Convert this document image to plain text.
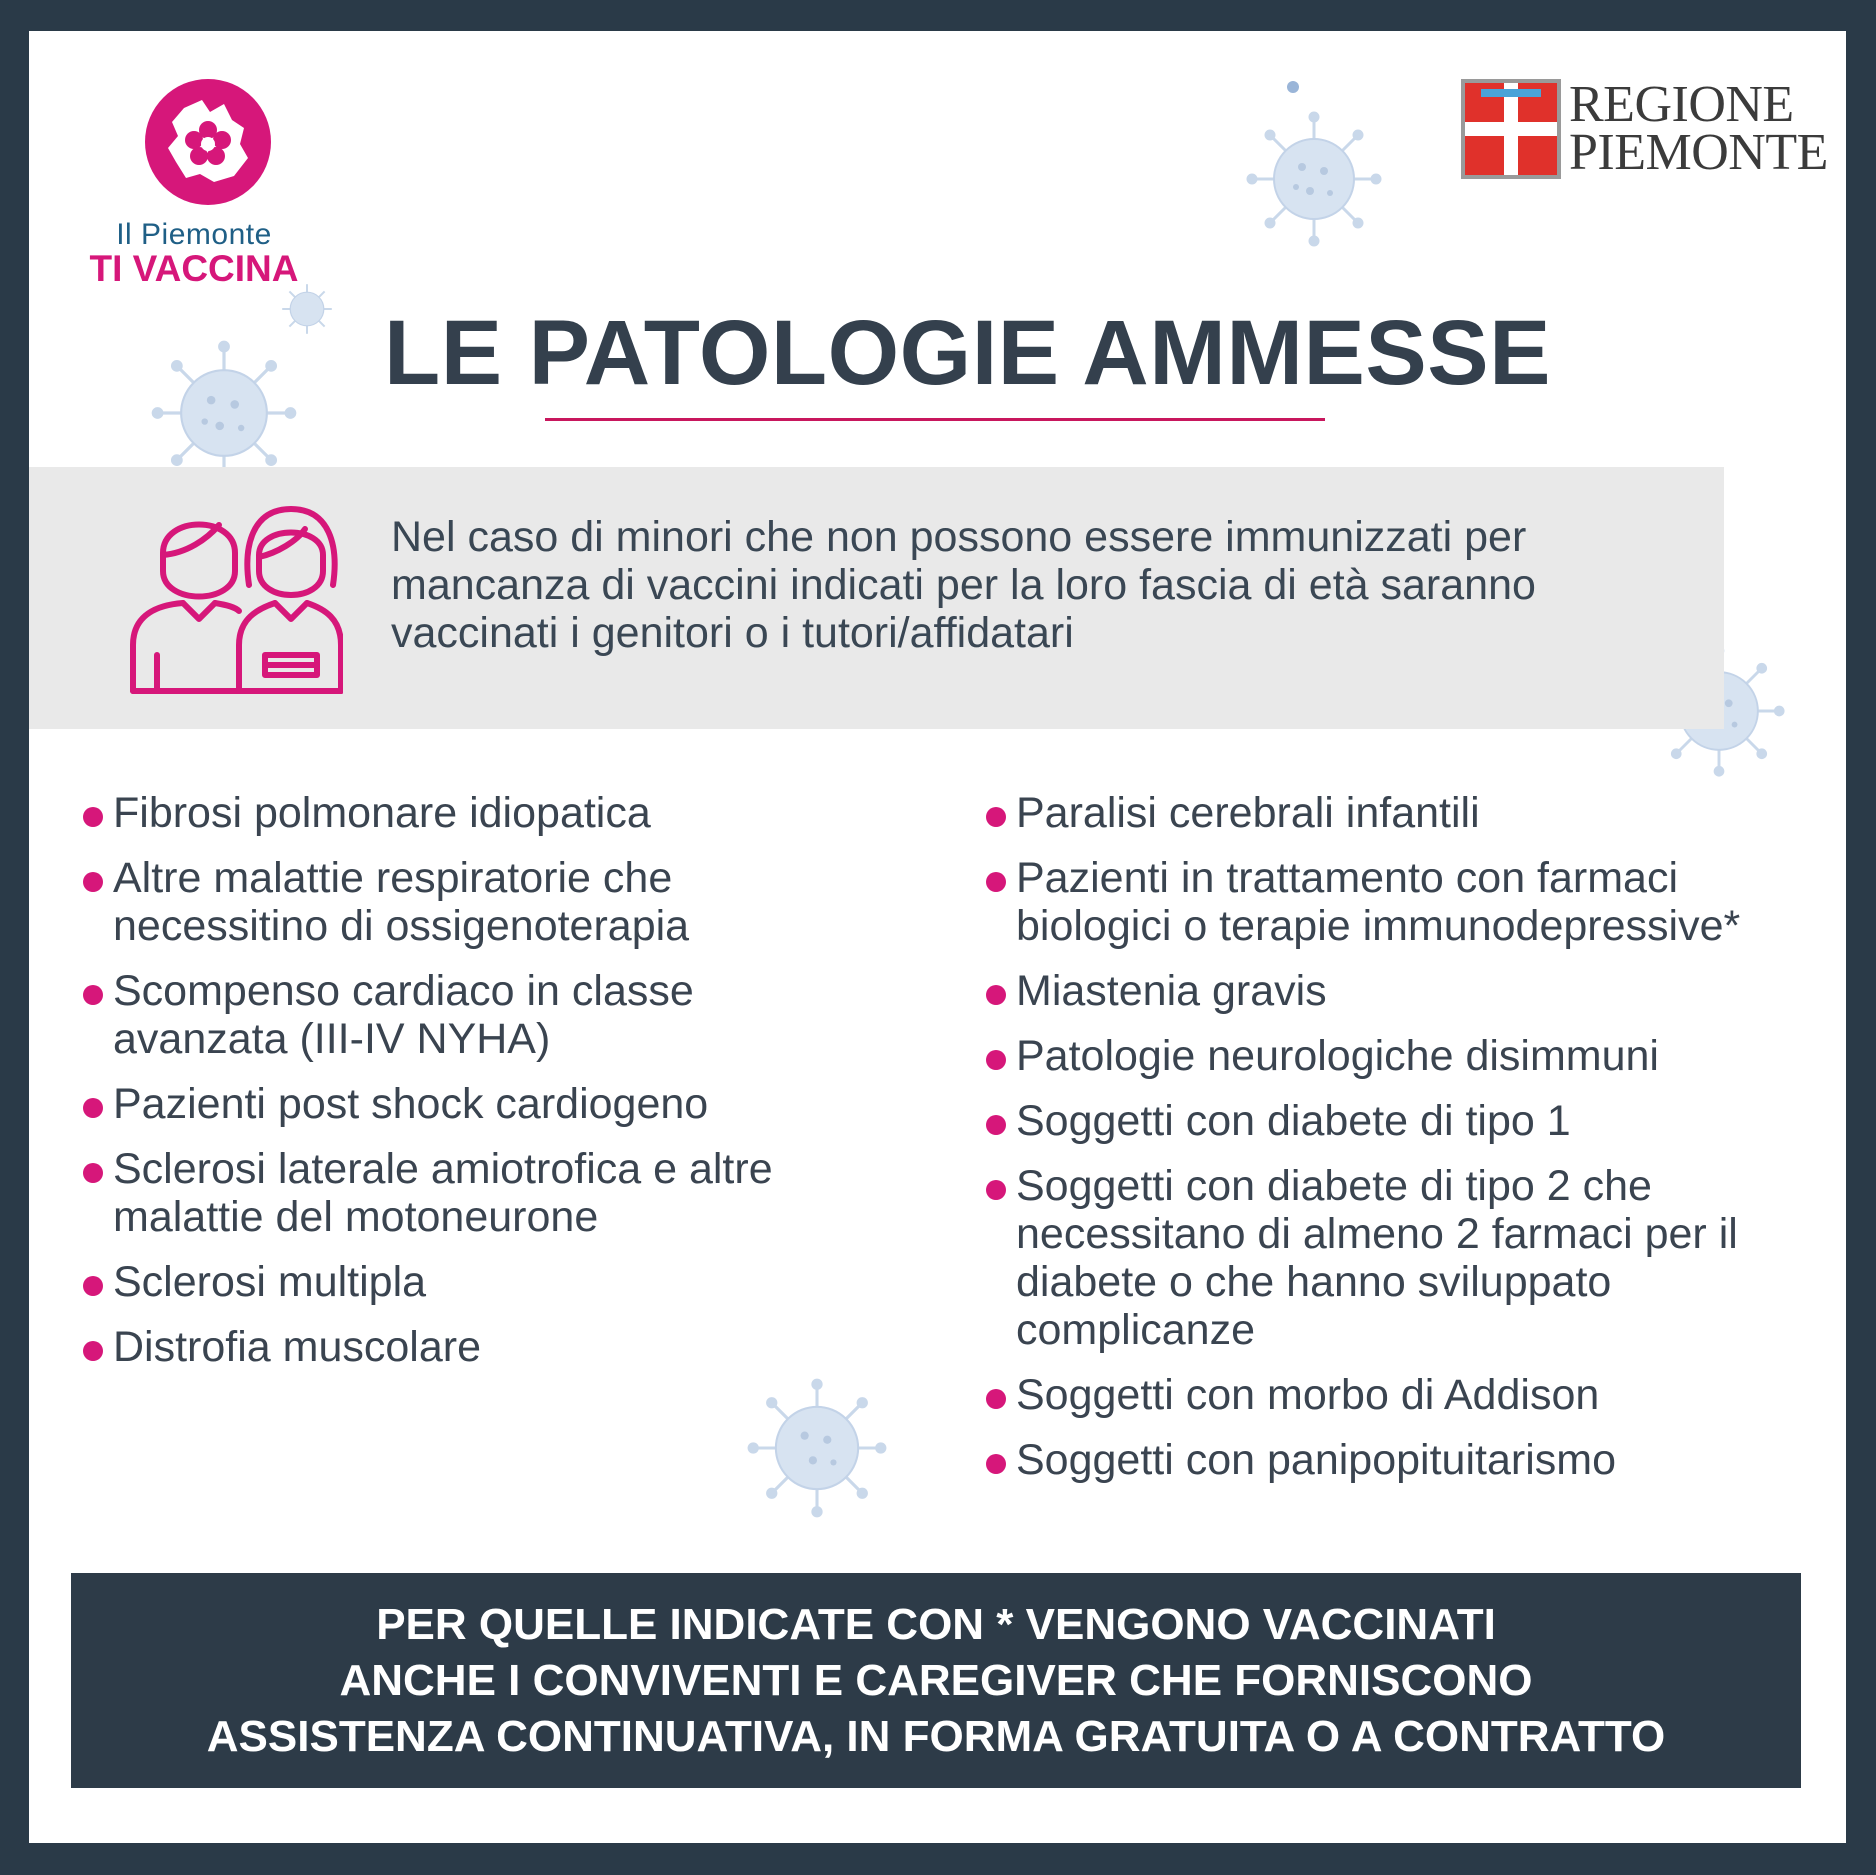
Il Piemonte
TI VACCINA
REGIONE
PIEMONTE
LE PATOLOGIE AMMESSE
Nel caso di minori che non possono essere immunizzati per mancanza di vaccini indicati per la loro fascia di età saranno vaccinati i genitori o i tutori/affidatari
Fibrosi polmonare idiopatica
Altre malattie respiratorie che necessitino di ossigenoterapia
Scompenso cardiaco in classe avanzata (III-IV NYHA)
Pazienti post shock cardiogeno
Sclerosi laterale amiotrofica e altre malattie del motoneurone
Sclerosi multipla
Distrofia muscolare
Paralisi cerebrali infantili
Pazienti in trattamento con farmaci biologici o terapie immunodepressive*
Miastenia gravis
Patologie neurologiche disimmuni
Soggetti con diabete di tipo 1
Soggetti con diabete di tipo 2 che necessitano di almeno 2 farmaci per il diabete o che hanno sviluppato complicanze
Soggetti con morbo di Addison
Soggetti con panipopituitarismo
PER QUELLE INDICATE CON * VENGONO VACCINATI
ANCHE I CONVIVENTI E CAREGIVER CHE FORNISCONO
ASSISTENZA CONTINUATIVA, IN FORMA GRATUITA O A CONTRATTO
